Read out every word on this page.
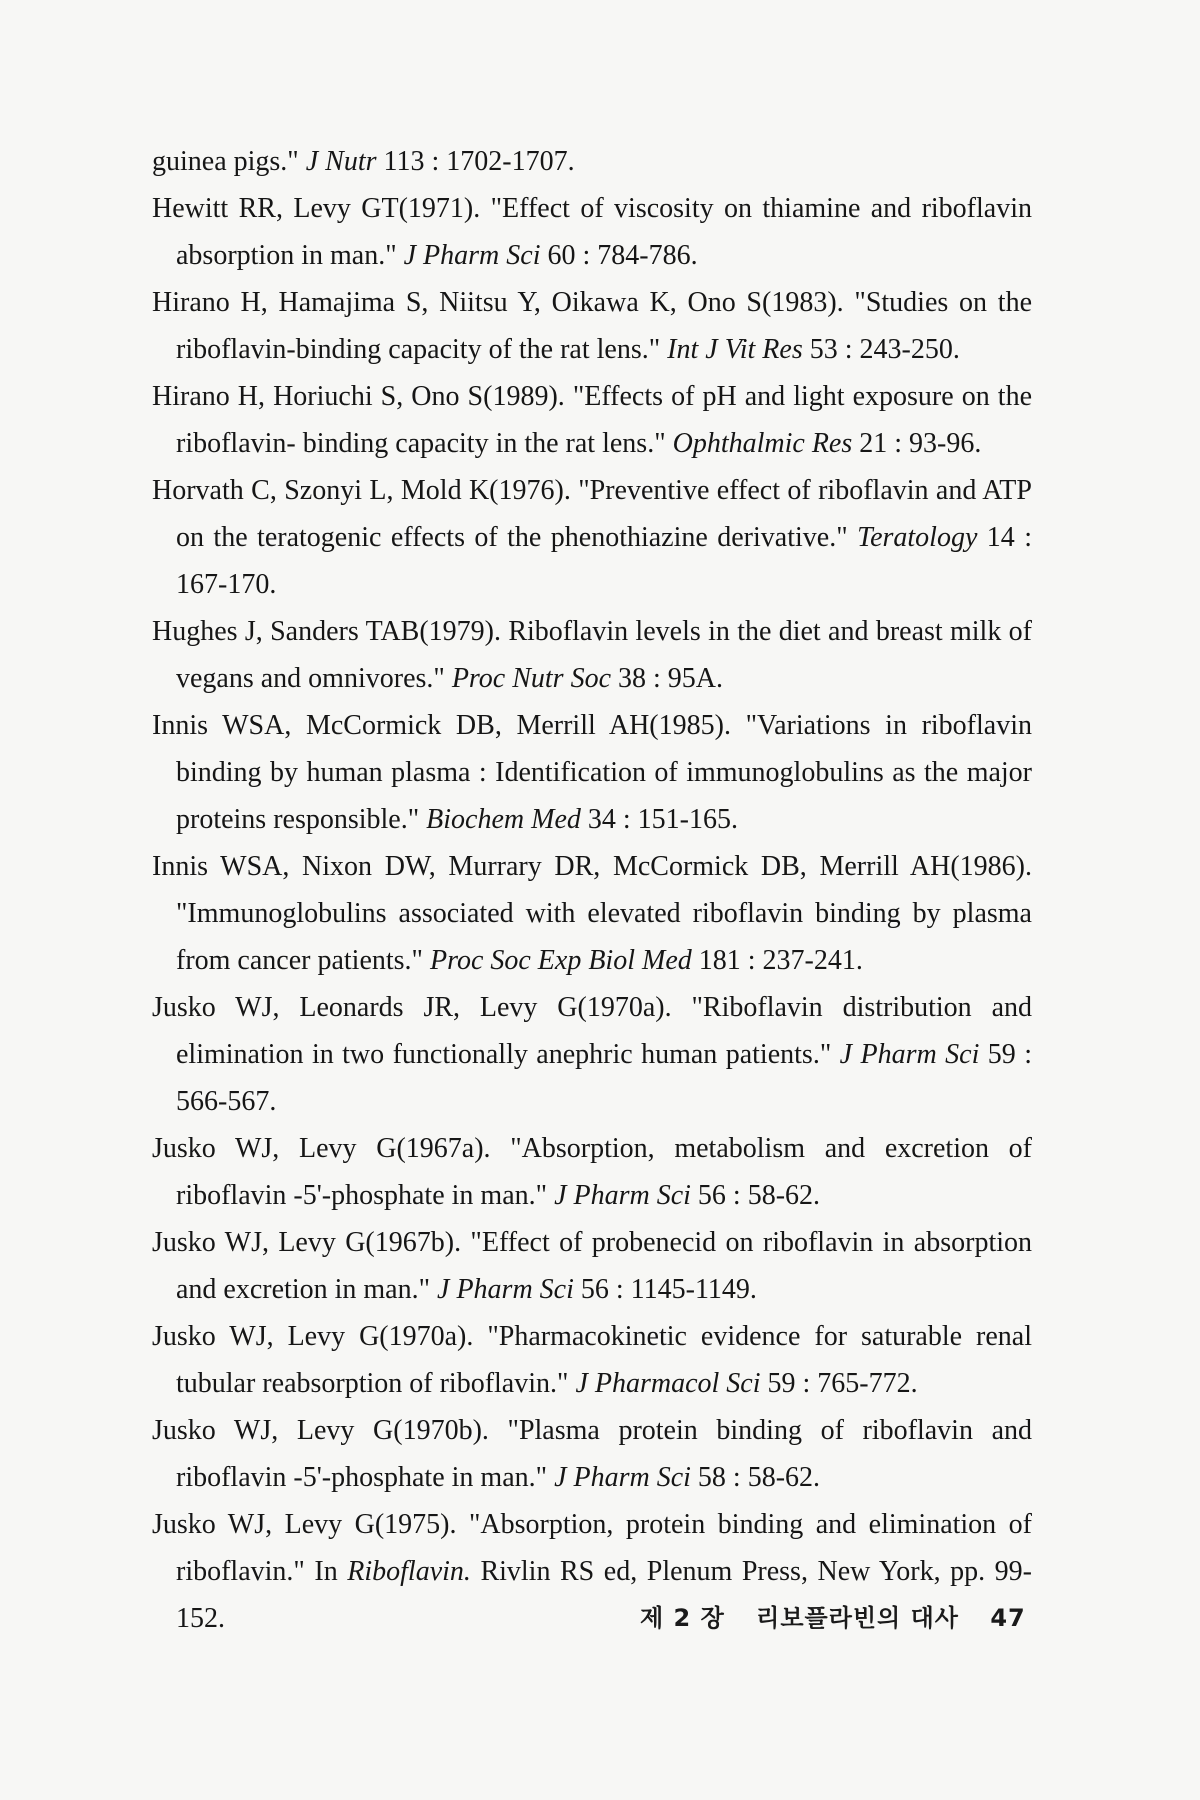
guinea pigs." J Nutr 113 : 1702-1707.

Hewitt RR, Levy GT(1971). "Effect of viscosity on thiamine and riboflavin absorption in man." J Pharm Sci 60 : 784-786.

Hirano H, Hamajima S, Niitsu Y, Oikawa K, Ono S(1983). "Studies on the riboflavin-binding capacity of the rat lens." Int J Vit Res 53 : 243-250.

Hirano H, Horiuchi S, Ono S(1989). "Effects of pH and light exposure on the riboflavin- binding capacity in the rat lens." Ophthalmic Res 21 : 93-96.

Horvath C, Szonyi L, Mold K(1976). "Preventive effect of riboflavin and ATP on the teratogenic effects of the phenothiazine derivative." Teratology 14 : 167-170.

Hughes J, Sanders TAB(1979). Riboflavin levels in the diet and breast milk of vegans and omnivores." Proc Nutr Soc 38 : 95A.

Innis WSA, McCormick DB, Merrill AH(1985). "Variations in riboflavin binding by human plasma : Identification of immunoglobulins as the major proteins responsible." Biochem Med 34 : 151-165.

Innis WSA, Nixon DW, Murrary DR, McCormick DB, Merrill AH(1986). "Immunoglobulins associated with elevated riboflavin binding by plasma from cancer patients." Proc Soc Exp Biol Med 181 : 237-241.

Jusko WJ, Leonards JR, Levy G(1970a). "Riboflavin distribution and elimination in two functionally anephric human patients." J Pharm Sci 59 : 566-567.

Jusko WJ, Levy G(1967a). "Absorption, metabolism and excretion of riboflavin -5'-phosphate in man." J Pharm Sci 56 : 58-62.

Jusko WJ, Levy G(1967b). "Effect of probenecid on riboflavin in absorption and excretion in man." J Pharm Sci 56 : 1145-1149.

Jusko WJ, Levy G(1970a). "Pharmacokinetic evidence for saturable renal tubular reabsorption of riboflavin." J Pharmacol Sci 59 : 765-772.

Jusko WJ, Levy G(1970b). "Plasma protein binding of riboflavin and riboflavin -5'-phosphate in man." J Pharm Sci 58 : 58-62.

Jusko WJ, Levy G(1975). "Absorption, protein binding and elimination of riboflavin." In Riboflavin. Rivlin RS ed, Plenum Press, New York, pp. 99-152.	제 2 장 리보플라빈의 대사 47
